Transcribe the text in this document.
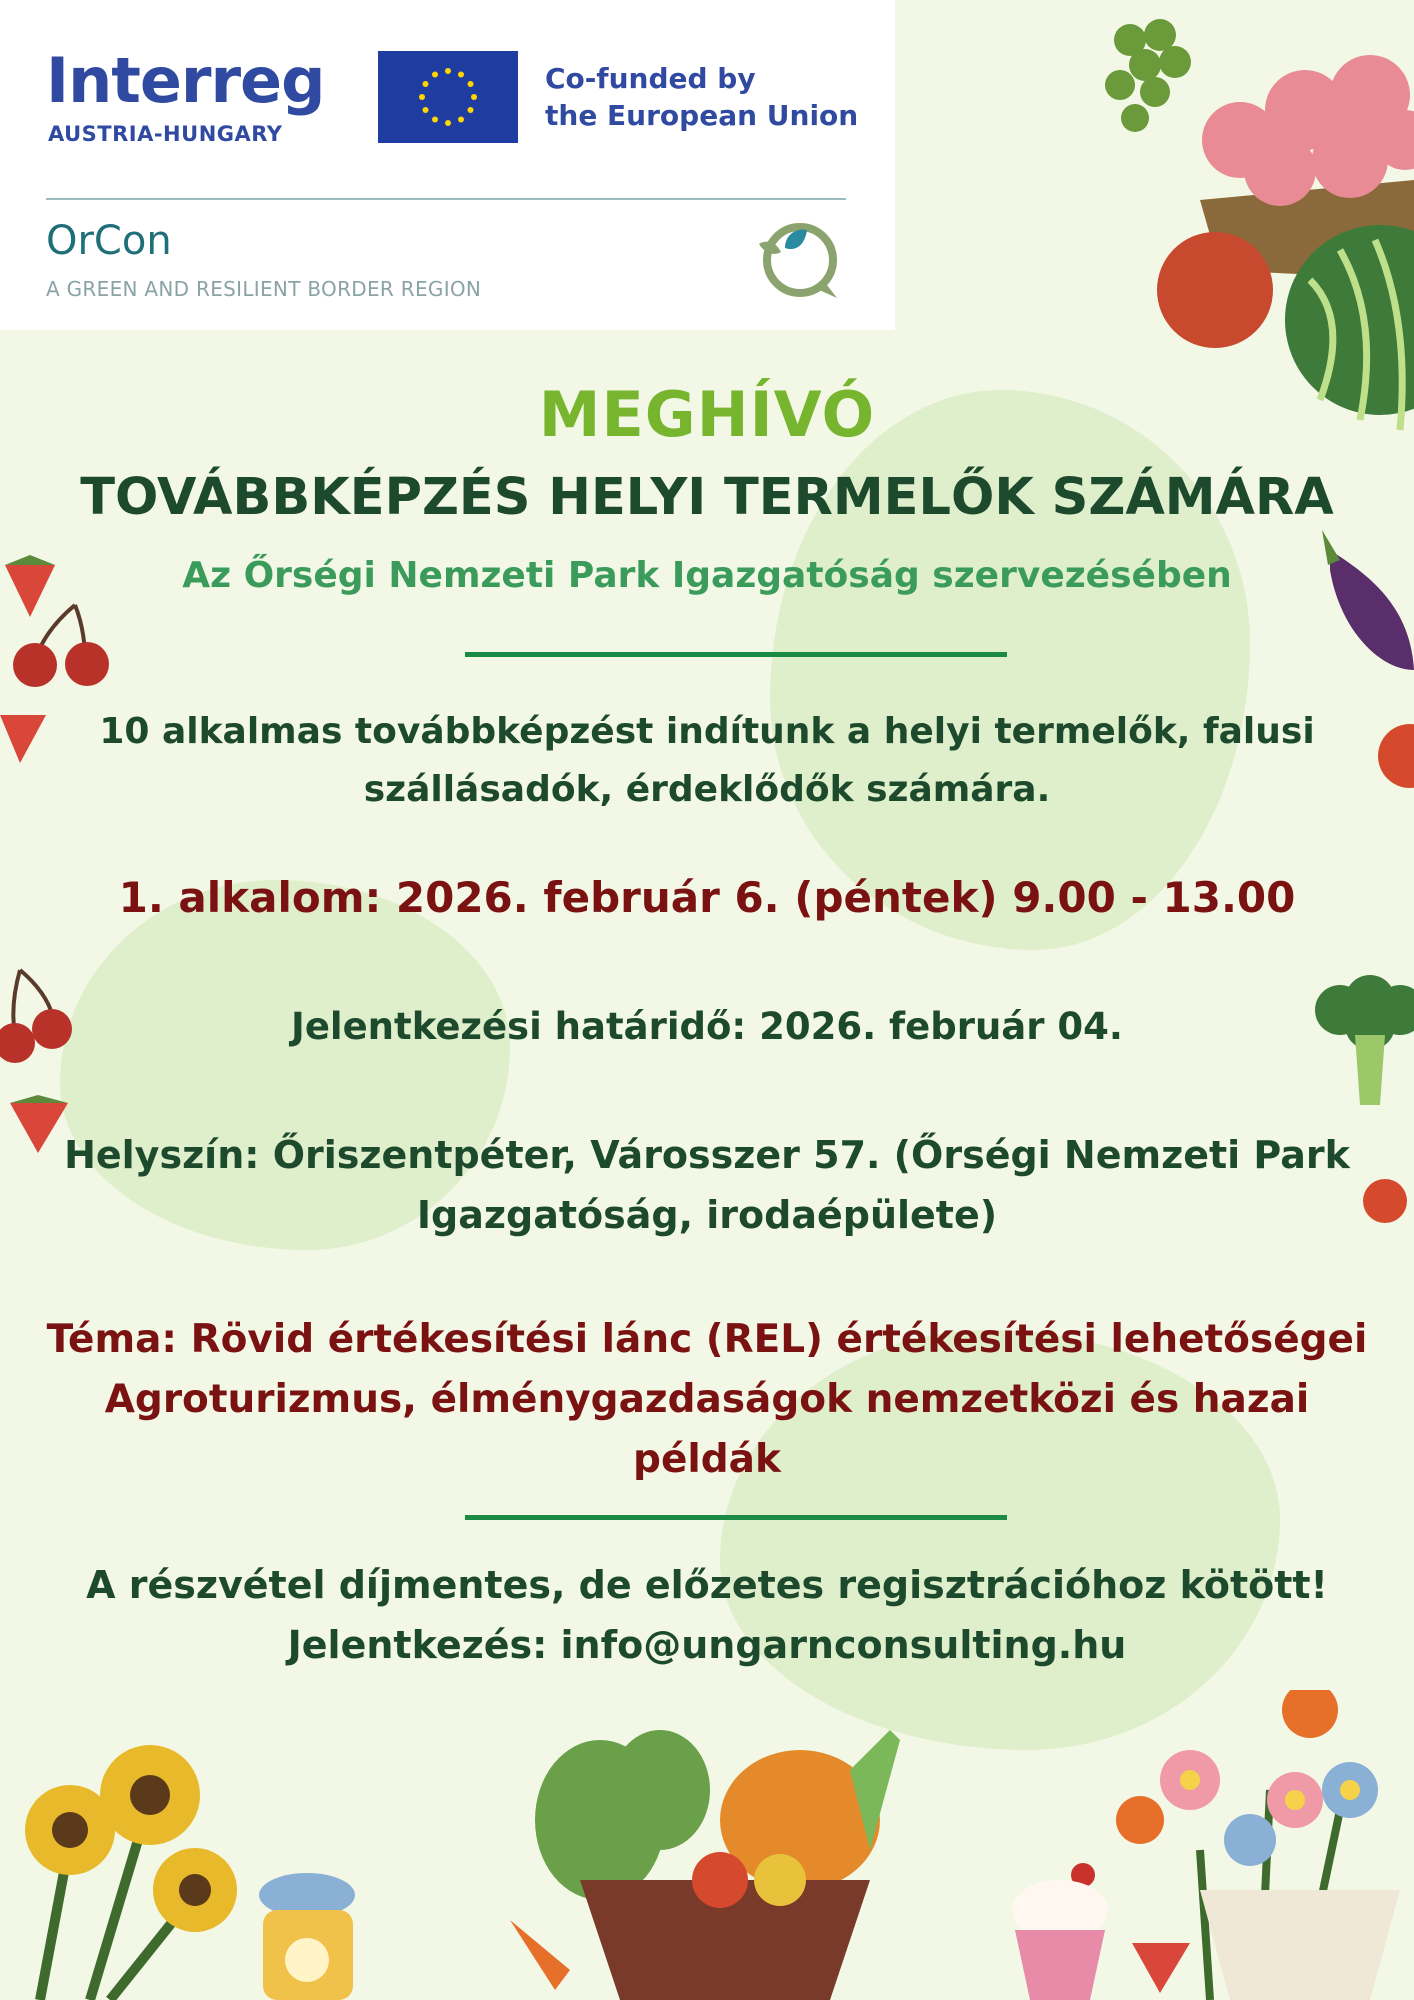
Interreg
AUSTRIA-HUNGARY
Co-funded by
the European Union
OrCon
A GREEN AND RESILIENT BORDER REGION
MEGHÍVÓ
TOVÁBBKÉPZÉS HELYI TERMELŐK SZÁMÁRA
Az Őrségi Nemzeti Park Igazgatóság szervezésében
10 alkalmas továbbképzést indítunk a helyi termelők, falusi
szállásadók, érdeklődők számára.
1. alkalom: 2026. február 6. (péntek) 9.00 - 13.00
Jelentkezési határidő: 2026. február 04.
Helyszín: Őriszentpéter, Városszer 57. (Őrségi Nemzeti Park
Igazgatóság, irodaépülete)
Téma: Rövid értékesítési lánc (REL) értékesítési lehetőségei
Agroturizmus, élménygazdaságok nemzetközi és hazai
példák
A részvétel díjmentes, de előzetes regisztrációhoz kötött!
Jelentkezés: info@ungarnconsulting.hu
